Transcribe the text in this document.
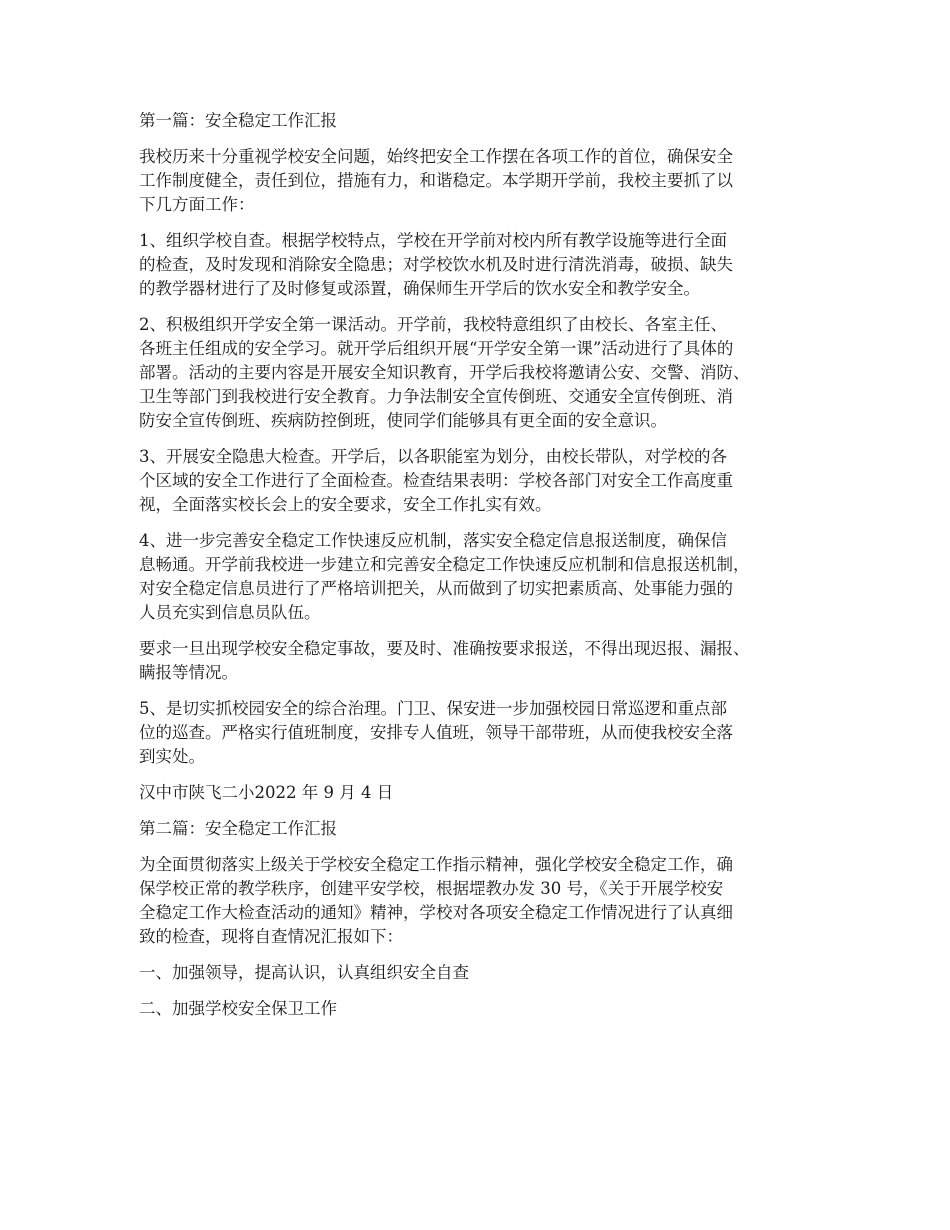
第一篇：安全稳定工作汇报

我校历来十分重视学校安全问题，始终把安全工作摆在各项工作的首位，确保安全
工作制度健全，责任到位，措施有力，和谐稳定。本学期开学前，我校主要抓了以
下几方面工作：

1、组织学校自查。根据学校特点，学校在开学前对校内所有教学设施等进行全面
的检查，及时发现和消除安全隐患；对学校饮水机及时进行清洗消毒，破损、缺失
的教学器材进行了及时修复或添置，确保师生开学后的饮水安全和教学安全。

2、积极组织开学安全第一课活动。开学前，我校特意组织了由校长、各室主任、
各班主任组成的安全学习。就开学后组织开展“开学安全第一课”活动进行了具体的
部署。活动的主要内容是开展安全知识教育，开学后我校将邀请公安、交警、消防、
卫生等部门到我校进行安全教育。力争法制安全宣传倒班、交通安全宣传倒班、消
防安全宣传倒班、疾病防控倒班，使同学们能够具有更全面的安全意识。

3、开展安全隐患大检查。开学后，以各职能室为划分，由校长带队，对学校的各
个区域的安全工作进行了全面检查。检查结果表明：学校各部门对安全工作高度重
视，全面落实校长会上的安全要求，安全工作扎实有效。

4、进一步完善安全稳定工作快速反应机制，落实安全稳定信息报送制度，确保信
息畅通。开学前我校进一步建立和完善安全稳定工作快速反应机制和信息报送机制，
对安全稳定信息员进行了严格培训把关，从而做到了切实把素质高、处事能力强的
人员充实到信息员队伍。

要求一旦出现学校安全稳定事故，要及时、准确按要求报送，不得出现迟报、漏报、
瞒报等情况。

5、是切实抓校园安全的综合治理。门卫、保安进一步加强校园日常巡逻和重点部
位的巡查。严格实行值班制度，安排专人值班，领导干部带班，从而使我校安全落
到实处。

汉中市陕飞二小2022 年 9 月 4 日

第二篇：安全稳定工作汇报

为全面贯彻落实上级关于学校安全稳定工作指示精神，强化学校安全稳定工作，确
保学校正常的教学秩序，创建平安学校，根据堽教办发 30 号，《关于开展学校安
全稳定工作大检查活动的通知》精神，学校对各项安全稳定工作情况进行了认真细
致的检查，现将自查情况汇报如下：

一、加强领导，提高认识，认真组织安全自查

二、加强学校安全保卫工作
